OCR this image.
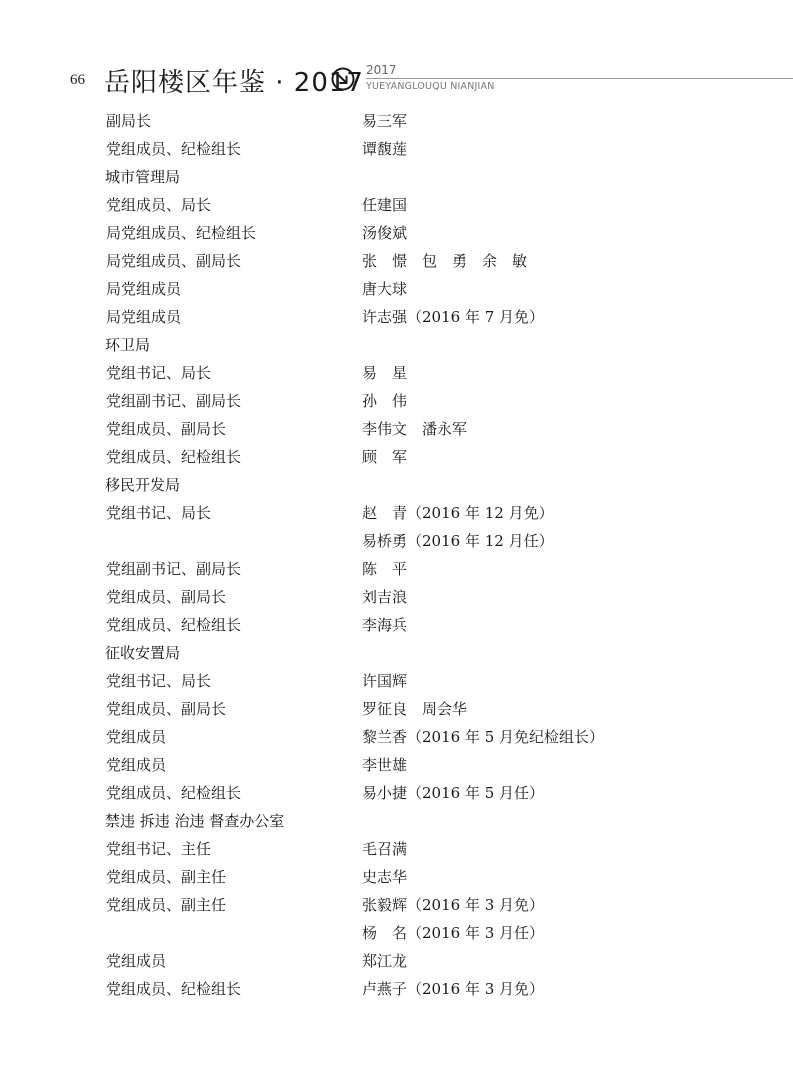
66 岳阳楼区年鉴 · 2017 2017
YUEYANGLOUQU NIANJIAN
副局长	易三军
党组成员、纪检组长	谭馥莲
城市管理局
党组成员、局长	任建国
局党组成员、纪检组长	汤俊斌
局党组成员、副局长	张　憬　包　勇　余　敏
局党组成员	唐大球
局党组成员	许志强（2016 年 7 月免）
环卫局
党组书记、局长	易　星
党组副书记、副局长	孙　伟
党组成员、副局长	李伟文　潘永军
党组成员、纪检组长	顾　军
移民开发局
党组书记、局长	赵　青（2016 年 12 月免）
易桥勇（2016 年 12 月任）
党组副书记、副局长	陈　平
党组成员、副局长	刘吉浪
党组成员、纪检组长	李海兵
征收安置局
党组书记、局长	许国辉
党组成员、副局长	罗征良　周会华
党组成员	黎兰香（2016 年 5 月免纪检组长）
党组成员	李世雄
党组成员、纪检组长	易小捷（2016 年 5 月任）
禁违 拆违 治违 督查办公室
党组书记、主任	毛召满
党组成员、副主任	史志华
党组成员、副主任	张毅辉（2016 年 3 月免）
杨　名（2016 年 3 月任）
党组成员	郑江龙
党组成员、纪检组长	卢燕子（2016 年 3 月免）
